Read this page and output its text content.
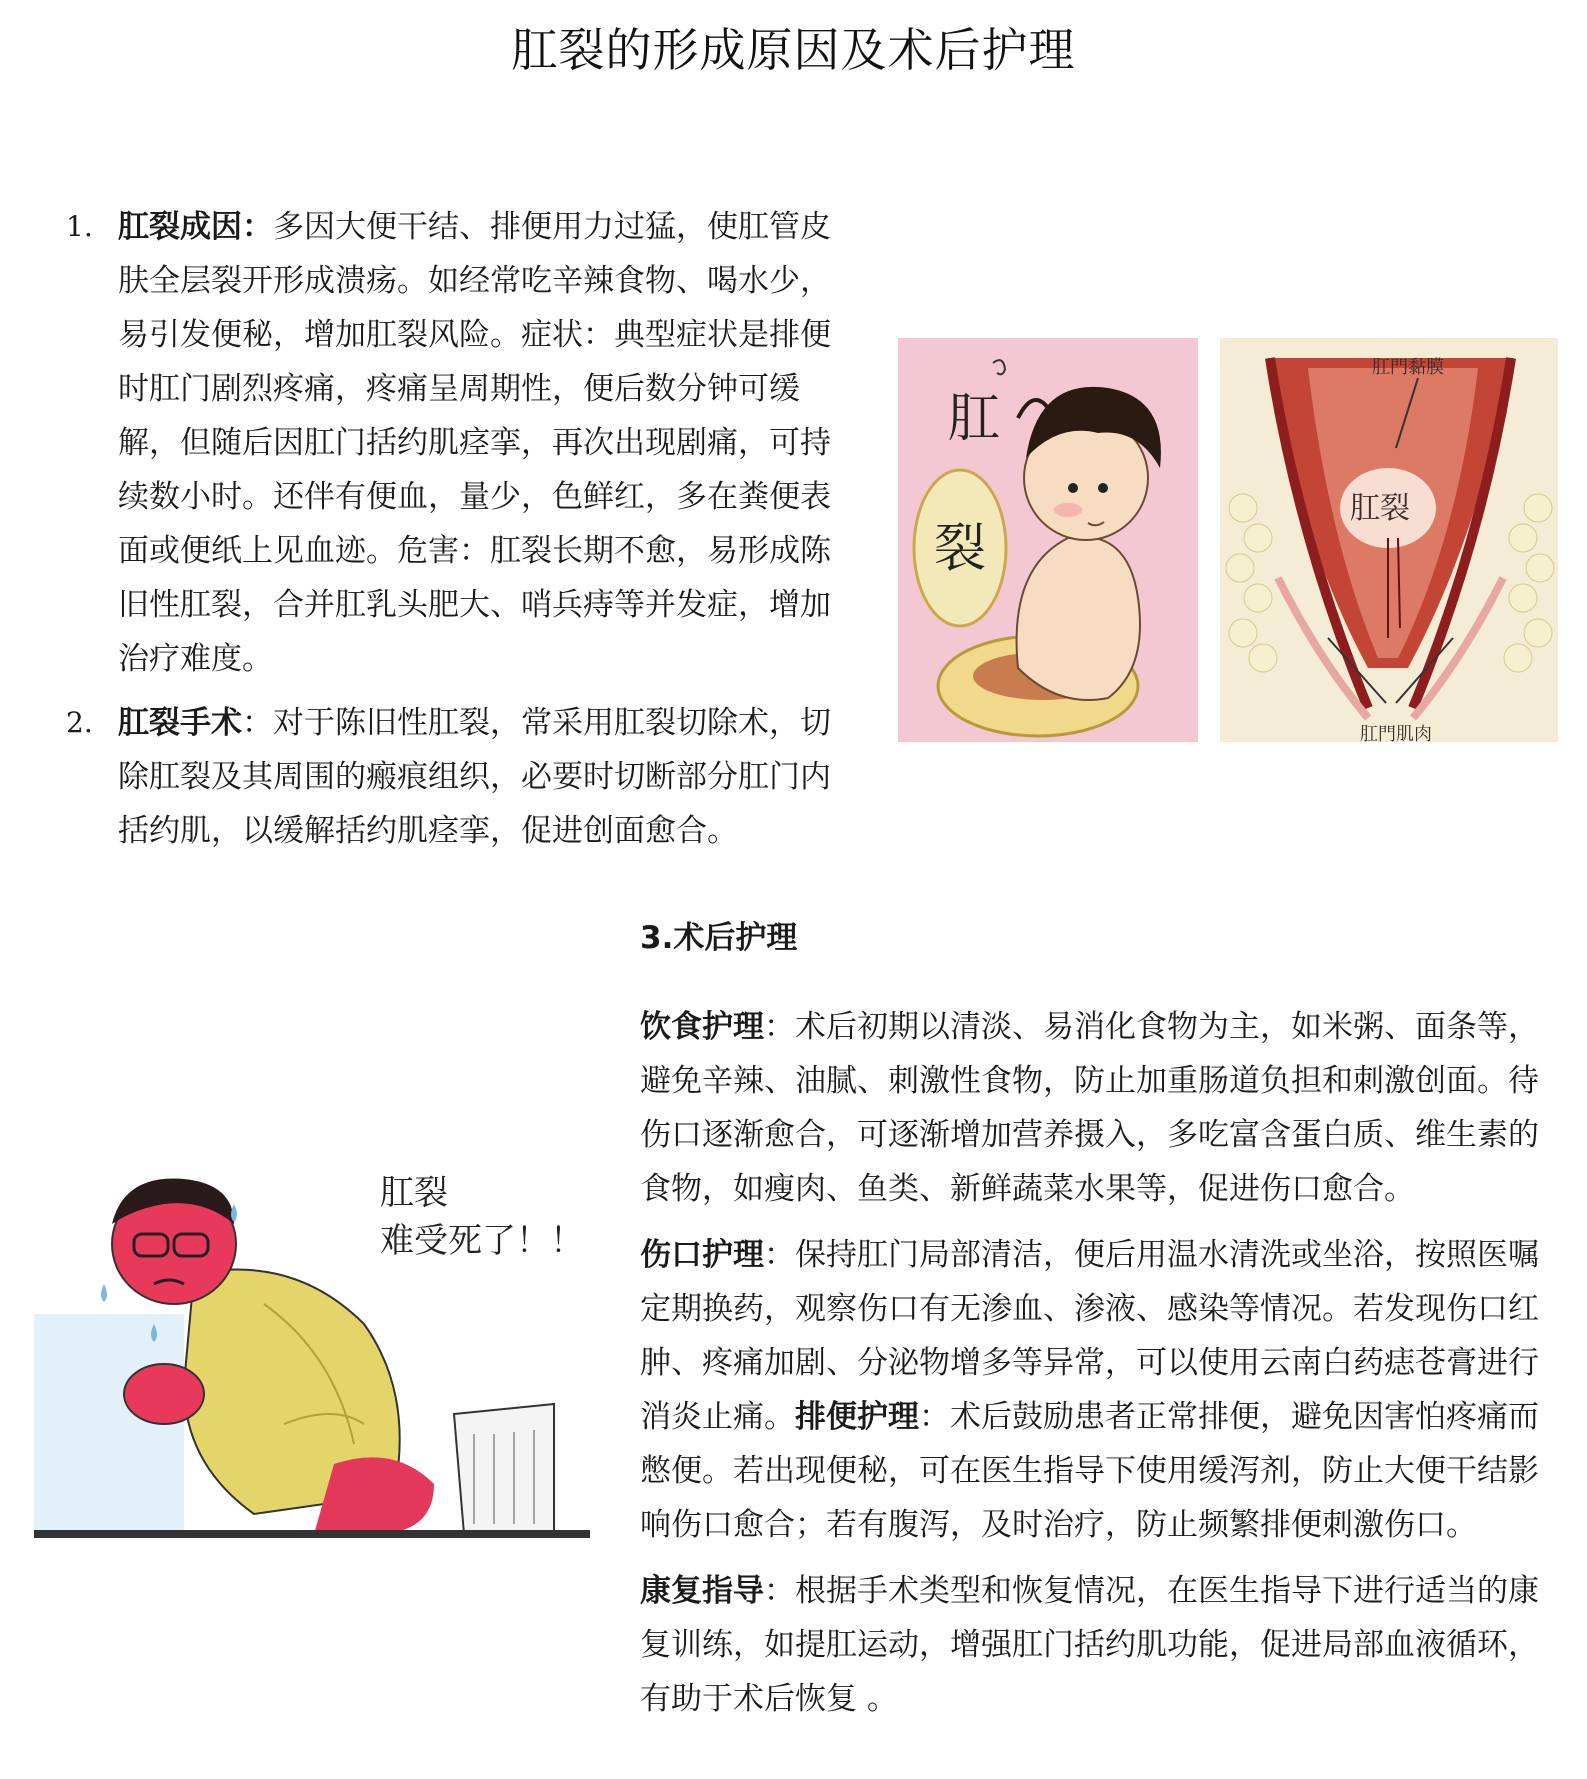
肛裂的形成原因及术后护理
1. 肛裂成因：多因大便干结、排便用力过猛，使肛管皮肤全层裂开形成溃疡。如经常吃辛辣食物、喝水少，易引发便秘，增加肛裂风险。症状：典型症状是排便时肛门剧烈疼痛，疼痛呈周期性，便后数分钟可缓解，但随后因肛门括约肌痉挛，再次出现剧痛，可持续数小时。还伴有便血，量少，色鲜红，多在粪便表面或便纸上见血迹。危害：肛裂长期不愈，易形成陈旧性肛裂，合并肛乳头肥大、哨兵痔等并发症，增加治疗难度。
2. 肛裂手术：对于陈旧性肛裂，常采用肛裂切除术，切除肛裂及其周围的瘢痕组织，必要时切断部分肛门内括约肌，以缓解括约肌痉挛，促进创面愈合。
肛
裂
肛門黏膜
肛裂
肛門肌肉
3.术后护理

饮食护理：术后初期以清淡、易消化食物为主，如米粥、面条等，避免辛辣、油腻、刺激性食物，防止加重肠道负担和刺激创面。待伤口逐渐愈合，可逐渐增加营养摄入，多吃富含蛋白质、维生素的食物，如瘦肉、鱼类、新鲜蔬菜水果等，促进伤口愈合。

伤口护理：保持肛门局部清洁，便后用温水清洗或坐浴，按照医嘱定期换药，观察伤口有无渗血、渗液、感染等情况。若发现伤口红肿、疼痛加剧、分泌物增多等异常，可以使用云南白药痣苍膏进行消炎止痛。排便护理：术后鼓励患者正常排便，避免因害怕疼痛而憋便。若出现便秘，可在医生指导下使用缓泻剂，防止大便干结影响伤口愈合；若有腹泻，及时治疗，防止频繁排便刺激伤口。

康复指导：根据手术类型和恢复情况，在医生指导下进行适当的康复训练，如提肛运动，增强肛门括约肌功能，促进局部血液循环，有助于术后恢复 。

肛裂
难受死了！！
